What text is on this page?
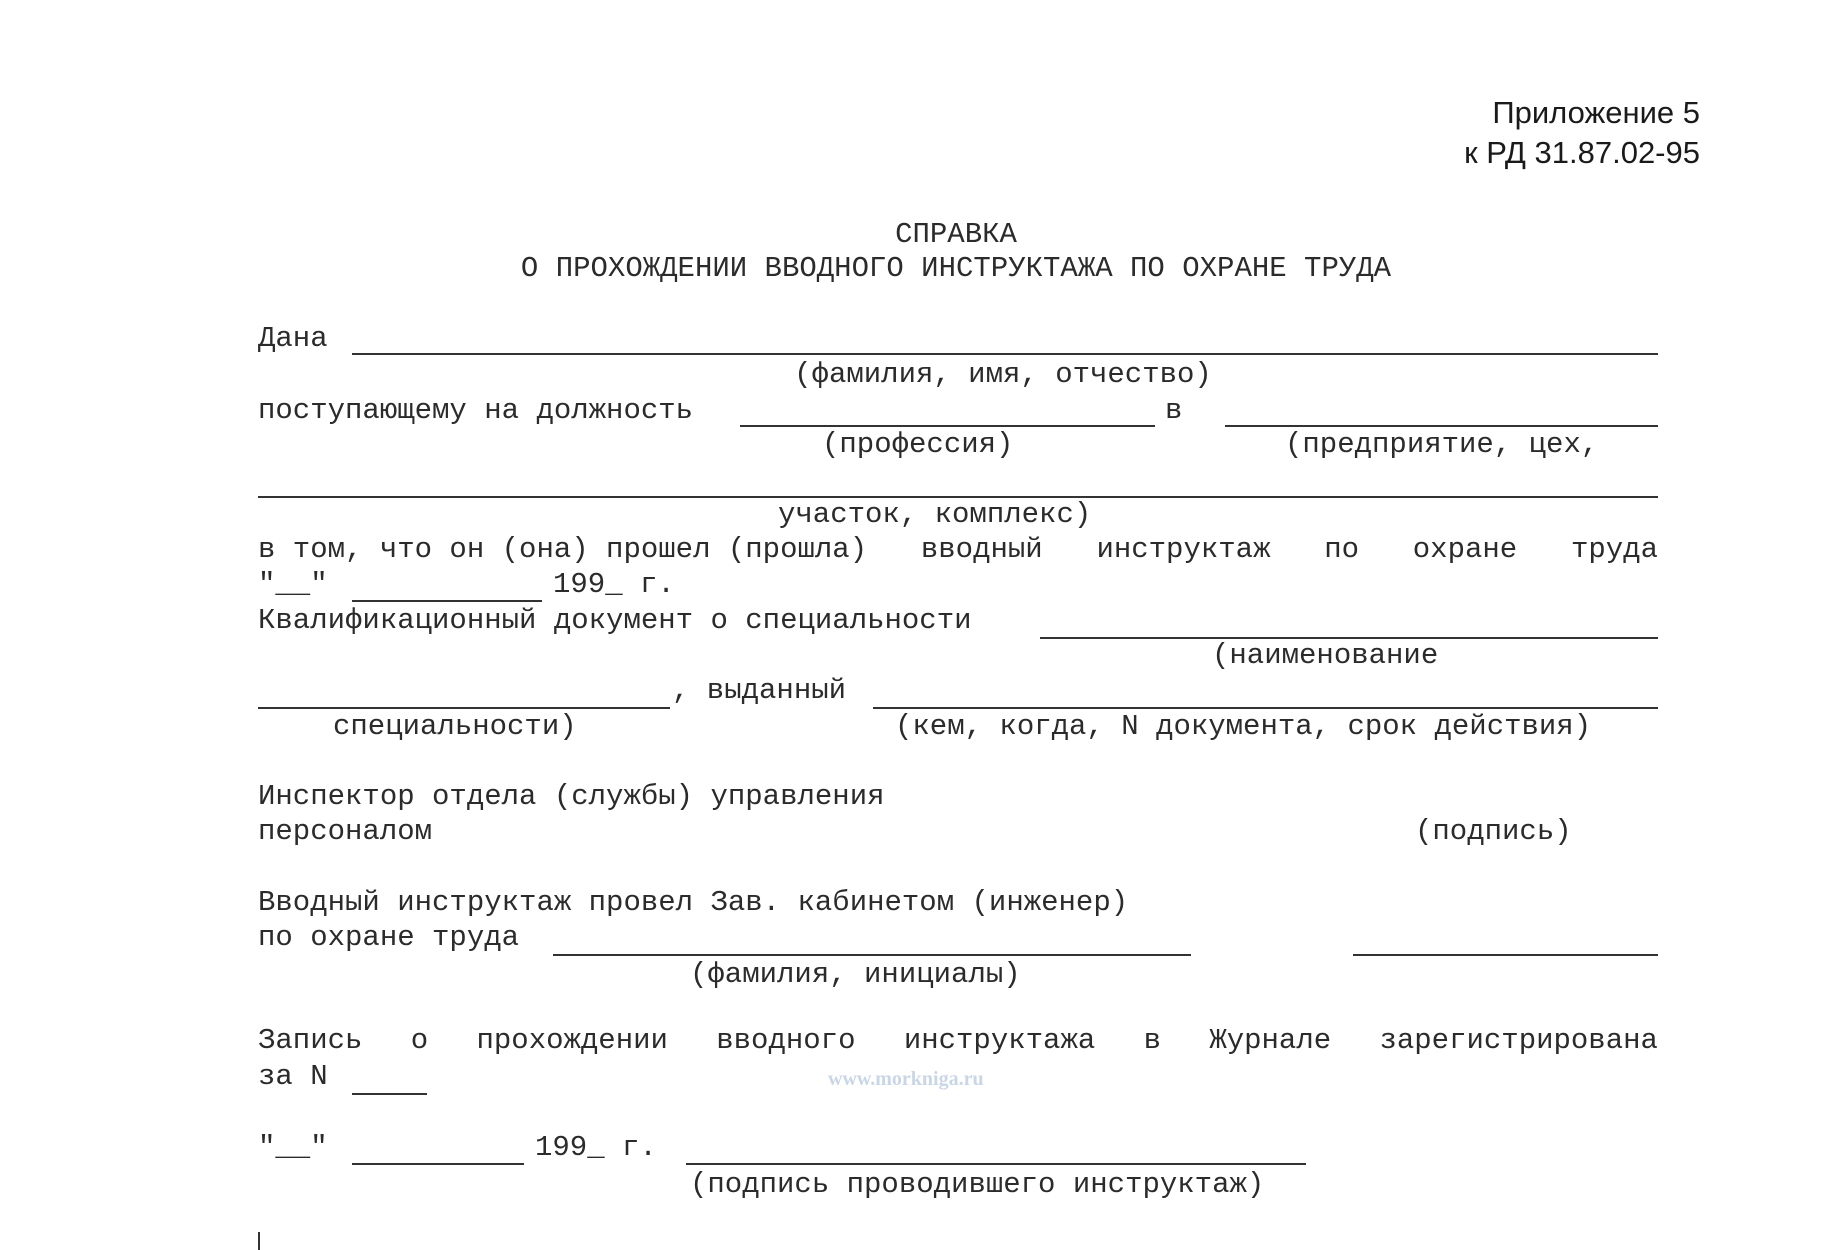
Приложение 5
к РД 31.87.02-95
СПРАВКА
О ПРОХОЖДЕНИИ ВВОДНОГО ИНСТРУКТАЖА ПО ОХРАНЕ ТРУДА
Дана
(фамилия, имя, отчество)
поступающему на должность	в
(профессия)	(предприятие, цех,
участок, комплекс)
в том, что он (она) прошел (прошла) вводный инструктаж по охране труда
"__"	199_ г.
Квалификационный документ о специальности
(наименование
, выданный
специальности)	(кем, когда, N документа, срок действия)
Инспектор отдела (службы) управления
персоналом	(подпись)
Вводный инструктаж провел Зав. кабинетом (инженер)
по охране труда
(фамилия, инициалы)
Запись о прохождении вводного инструктажа в Журнале зарегистрирована
за N	www.morkniga.ru
"__"	199_ г.
(подпись проводившего инструктаж)
